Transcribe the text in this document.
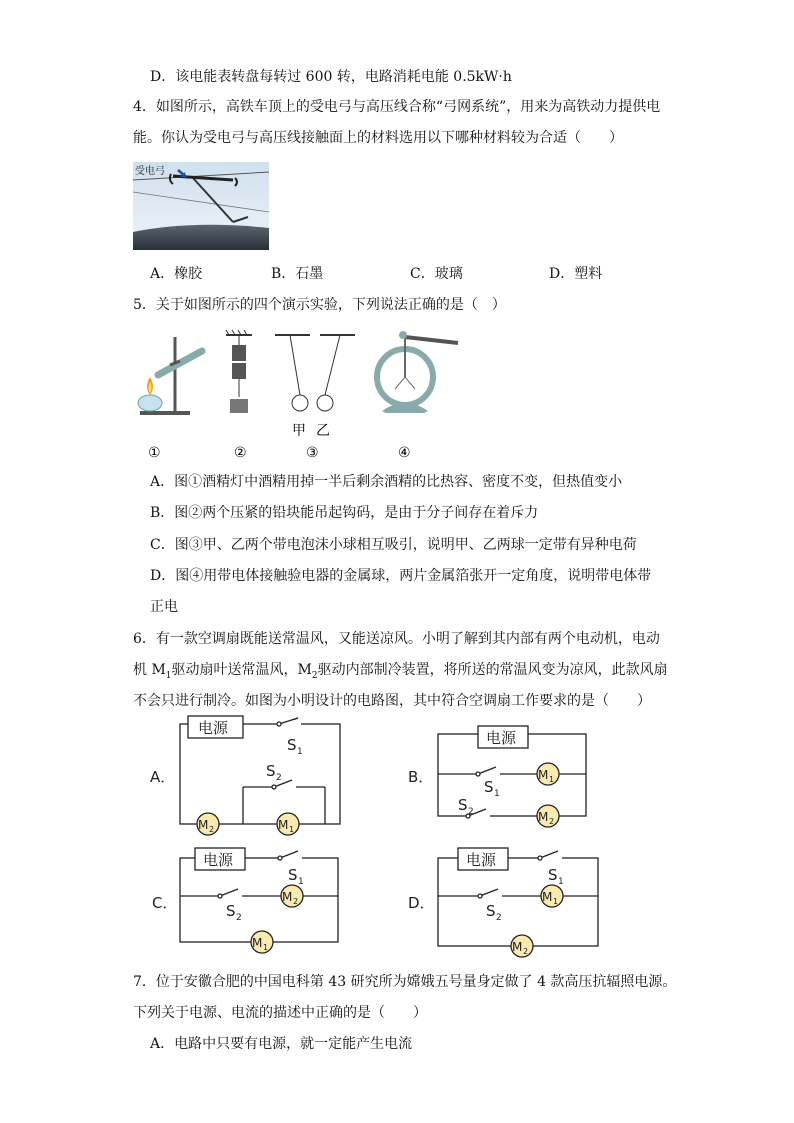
D．该电能表转盘每转过 600 转，电路消耗电能 0.5kW·h
4．如图所示，高铁车顶上的受电弓与高压线合称“弓网系统”，用来为高铁动力提供电
能。你认为受电弓与高压线接触面上的材料选用以下哪种材料较为合适（　　）
受电弓
A．橡胶	B．石墨	C．玻璃	D．塑料
5．关于如图所示的四个演示实验，下列说法正确的是（　）
甲 乙
①	②	③	④
A．图①酒精灯中酒精用掉一半后剩余酒精的比热容、密度不变，但热值变小
B．图②两个压紧的铅块能吊起钩码，是由于分子间存在着斥力
C．图③甲、乙两个带电泡沫小球相互吸引，说明甲、乙两球一定带有异种电荷
D．图④用带电体接触验电器的金属球，两片金属箔张开一定角度，说明带电体带
正电
6．有一款空调扇既能送常温风，又能送凉风。小明了解到其内部有两个电动机，电动
机 $M_1$驱动扇叶送常温风，$M_2$驱动内部制冷装置，将所送的常温风变为凉风，此款风扇
不会只进行制冷。如图为小明设计的电路图，其中符合空调扇工作要求的是（　　）
A．
电源
S 1
S 2
M 2	M 1
B．
电源
S 1
S 2
M 1
M 2
C．
电源
S 1
S 2
M 2
M 1
D．
电源
S 1
S 2
M 1
M 2
7．位于安徽合肥的中国电科第 43 研究所为嫦娥五号量身定做了 4 款高压抗辐照电源。
下列关于电源、电流的描述中正确的是（　　）
A．电路中只要有电源，就一定能产生电流
